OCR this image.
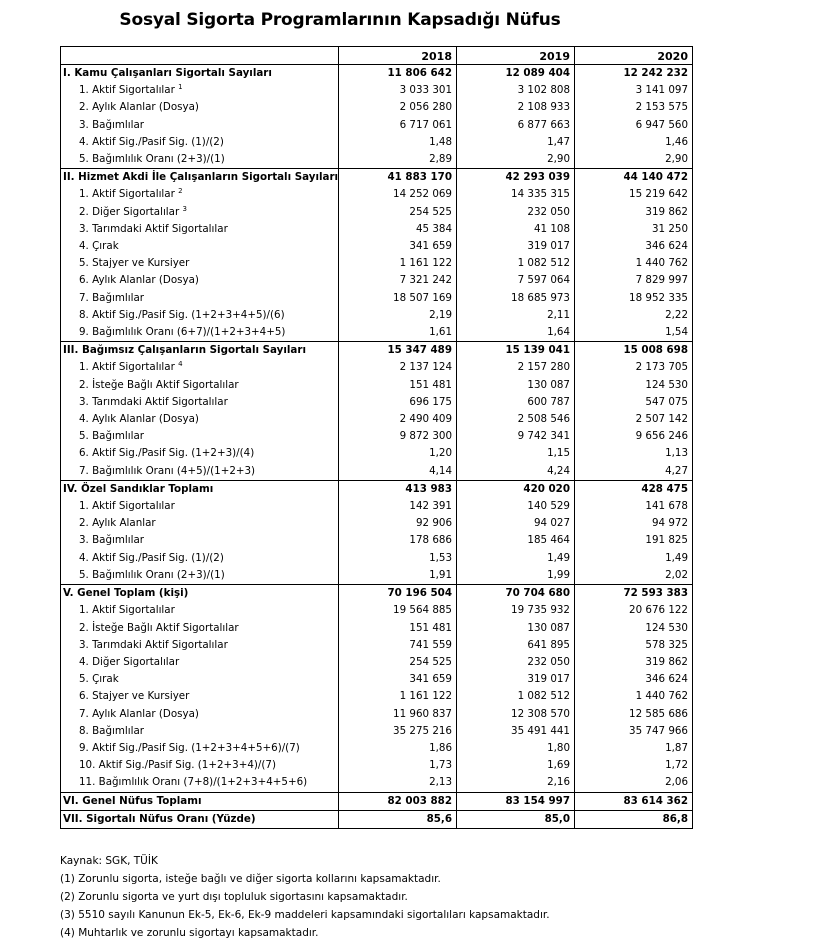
Sosyal Sigorta Programlarının Kapsadığı Nüfus
	2018	2019	2020
I. Kamu Çalışanları Sigortalı Sayıları	11 806 642	12 089 404	12 242 232
1. Aktif Sigortalılar $^1$	3 033 301	3 102 808	3 141 097
2. Aylık Alanlar (Dosya)	2 056 280	2 108 933	2 153 575
3. Bağımlılar	6 717 061	6 877 663	6 947 560
4. Aktif Sig./Pasif Sig. (1)/(2)	1,48	1,47	1,46
5. Bağımlılık Oranı (2+3)/(1)	2,89	2,90	2,90
II. Hizmet Akdi İle Çalışanların Sigortalı Sayıları	41 883 170	42 293 039	44 140 472
1. Aktif Sigortalılar $^2$	14 252 069	14 335 315	15 219 642
2. Diğer Sigortalılar $^3$	254 525	232 050	319 862
3. Tarımdaki Aktif Sigortalılar	45 384	41 108	31 250
4. Çırak	341 659	319 017	346 624
5. Stajyer ve Kursiyer	1 161 122	1 082 512	1 440 762
6. Aylık Alanlar (Dosya)	7 321 242	7 597 064	7 829 997
7. Bağımlılar	18 507 169	18 685 973	18 952 335
8. Aktif Sig./Pasif Sig. (1+2+3+4+5)/(6)	2,19	2,11	2,22
9. Bağımlılık Oranı (6+7)/(1+2+3+4+5)	1,61	1,64	1,54
III. Bağımsız Çalışanların Sigortalı Sayıları	15 347 489	15 139 041	15 008 698
1. Aktif Sigortalılar $^4$	2 137 124	2 157 280	2 173 705
2. İsteğe Bağlı Aktif Sigortalılar	151 481	130 087	124 530
3. Tarımdaki Aktif Sigortalılar	696 175	600 787	547 075
4. Aylık Alanlar (Dosya)	2 490 409	2 508 546	2 507 142
5. Bağımlılar	9 872 300	9 742 341	9 656 246
6. Aktif Sig./Pasif Sig. (1+2+3)/(4)	1,20	1,15	1,13
7. Bağımlılık Oranı (4+5)/(1+2+3)	4,14	4,24	4,27
IV. Özel Sandıklar Toplamı	413 983	420 020	428 475
1. Aktif Sigortalılar	142 391	140 529	141 678
2. Aylık Alanlar	92 906	94 027	94 972
3. Bağımlılar	178 686	185 464	191 825
4. Aktif Sig./Pasif Sig. (1)/(2)	1,53	1,49	1,49
5. Bağımlılık Oranı (2+3)/(1)	1,91	1,99	2,02
V. Genel Toplam (kişi)	70 196 504	70 704 680	72 593 383
1. Aktif Sigortalılar	19 564 885	19 735 932	20 676 122
2. İsteğe Bağlı Aktif Sigortalılar	151 481	130 087	124 530
3. Tarımdaki Aktif Sigortalılar	741 559	641 895	578 325
4. Diğer Sigortalılar	254 525	232 050	319 862
5. Çırak	341 659	319 017	346 624
6. Stajyer ve Kursiyer	1 161 122	1 082 512	1 440 762
7. Aylık Alanlar (Dosya)	11 960 837	12 308 570	12 585 686
8. Bağımlılar	35 275 216	35 491 441	35 747 966
9. Aktif Sig./Pasif Sig. (1+2+3+4+5+6)/(7)	1,86	1,80	1,87
10. Aktif Sig./Pasif Sig. (1+2+3+4)/(7)	1,73	1,69	1,72
11. Bağımlılık Oranı (7+8)/(1+2+3+4+5+6)	2,13	2,16	2,06
VI. Genel Nüfus Toplamı	82 003 882	83 154 997	83 614 362
VII. Sigortalı Nüfus Oranı (Yüzde)	85,6	85,0	86,8
Kaynak: SGK, TÜİK
(1) Zorunlu sigorta, isteğe bağlı ve diğer sigorta kollarını kapsamaktadır.
(2) Zorunlu sigorta ve yurt dışı topluluk sigortasını kapsamaktadır.
(3) 5510 sayılı Kanunun Ek-5, Ek-6, Ek-9 maddeleri kapsamındaki sigortalıları kapsamaktadır.
(4) Muhtarlık ve zorunlu sigortayı kapsamaktadır.
